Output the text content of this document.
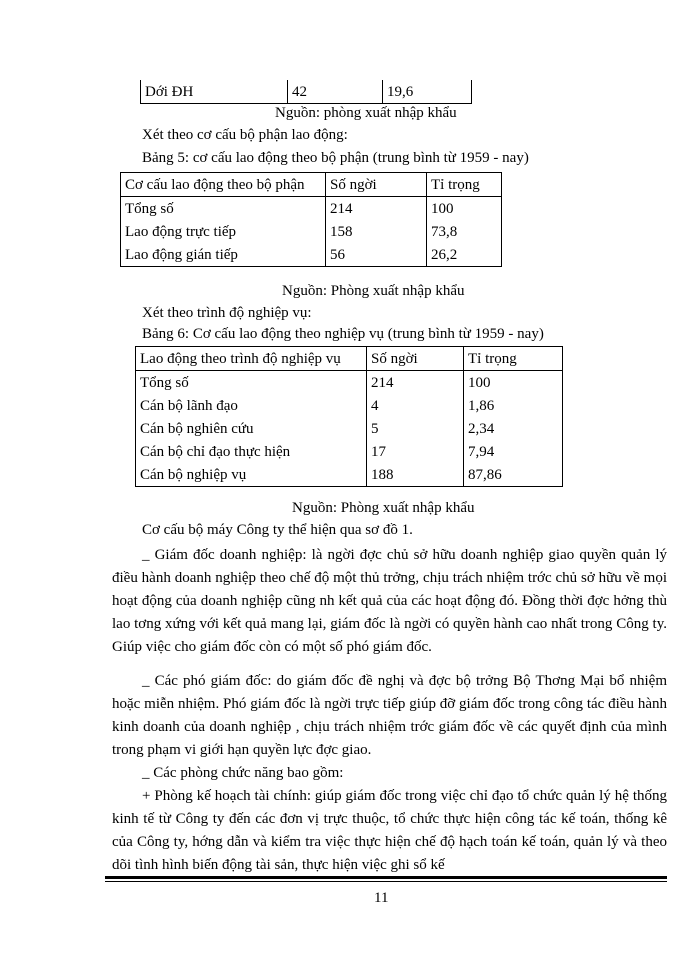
Dới ĐH	42	19,6
Nguồn: phòng xuất nhập khẩu
Xét theo cơ cấu bộ phận lao động:
Bảng 5: cơ cấu lao động theo bộ phận (trung bình từ 1959 - nay)
Cơ cấu lao động theo bộ phận	Số ngời	Tỉ trọng
Tổng số	214	100
Lao động trực tiếp	158	73,8
Lao động gián tiếp	56	26,2
Nguồn: Phòng xuất nhập khẩu
Xét theo trình độ nghiệp vụ:
Bảng 6: Cơ cấu lao động theo nghiệp vụ (trung bình từ 1959 - nay)
Lao động theo trình độ nghiệp vụ	Số ngời	Tỉ trọng
Tổng số	214	100
Cán bộ lãnh đạo	4	1,86
Cán bộ nghiên cứu	5	2,34
Cán bộ chỉ đạo thực hiện	17	7,94
Cán bộ nghiệp vụ	188	87,86
Nguồn: Phòng xuất nhập khẩu
Cơ cấu bộ máy Công ty thể hiện qua sơ đồ 1.
_ Giám đốc doanh nghiệp: là ngời đợc chủ sở hữu doanh nghiệp giao quyền quản lý điều hành doanh nghiệp theo chế độ một thủ trởng, chịu trách nhiệm trớc chủ sở hữu về mọi hoạt động của doanh nghiệp cũng nh kết quả của các hoạt động đó. Đồng thời đợc hởng thù lao tơng xứng với kết quả mang lại, giám đốc là ngời có quyền hành cao nhất trong Công ty. Giúp việc cho giám đốc còn có một số phó giám đốc.
_ Các phó giám đốc: do giám đốc đề nghị và đợc bộ trởng Bộ Thơng Mại bổ nhiệm hoặc miễn nhiệm. Phó giám đốc là ngời trực tiếp giúp đỡ giám đốc trong công tác điều hành kinh doanh của doanh nghiệp , chịu trách nhiệm trớc giám đốc về các quyết định của mình trong phạm vi giới hạn quyền lực đợc giao.
_ Các phòng chức năng bao gồm:
+ Phòng kế hoạch tài chính: giúp giám đốc trong việc chỉ đạo tổ chức quản lý hệ thống kinh tế từ Công ty đến các đơn vị trực thuộc, tổ chức thực hiện công tác kế toán, thống kê của Công ty, hớng dẫn và kiểm tra việc thực hiện chế độ hạch toán kế toán, quản lý và theo dõi tình hình biến động tài sản, thực hiện việc ghi sổ kế
11
